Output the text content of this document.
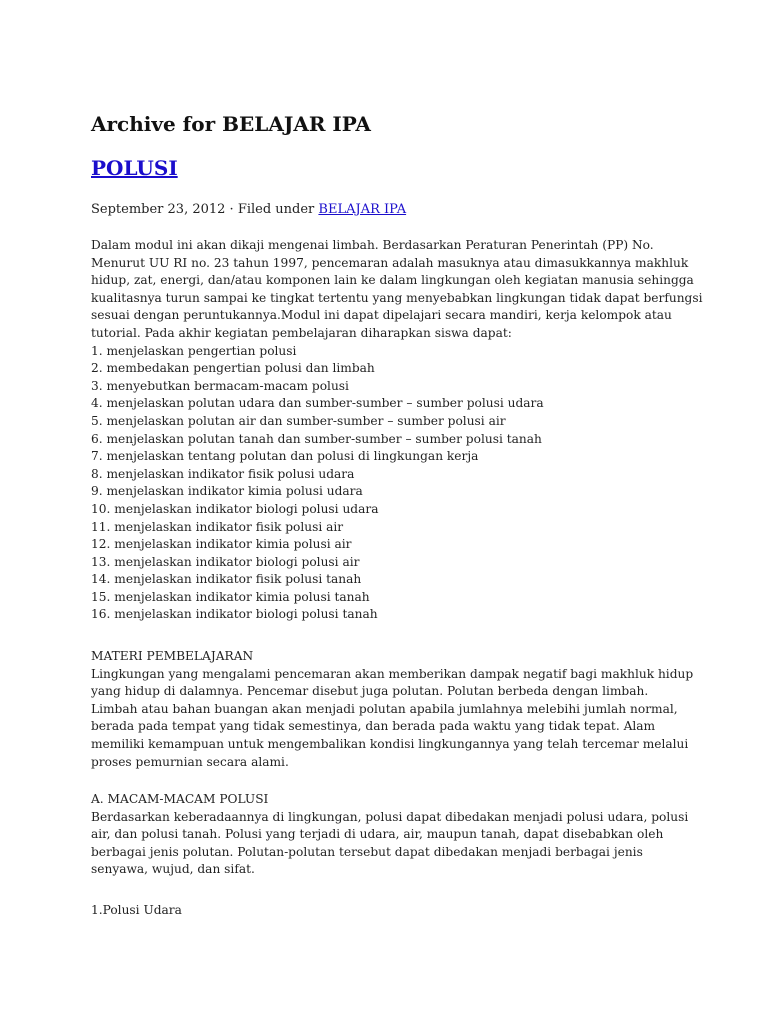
Archive for BELAJAR IPA
POLUSI
September 23, 2012 · Filed under BELAJAR IPA
Dalam modul ini akan dikaji mengenai limbah. Berdasarkan Peraturan Penerintah (PP) No.
Menurut UU RI no. 23 tahun 1997, pencemaran adalah masuknya atau dimasukkannya makhluk
hidup, zat, energi, dan/atau komponen lain ke dalam lingkungan oleh kegiatan manusia sehingga
kualitasnya turun sampai ke tingkat tertentu yang menyebabkan lingkungan tidak dapat berfungsi
sesuai dengan peruntukannya.Modul ini dapat dipelajari secara mandiri, kerja kelompok atau
tutorial. Pada akhir kegiatan pembelajaran diharapkan siswa dapat:
1. menjelaskan pengertian polusi
2. membedakan pengertian polusi dan limbah
3. menyebutkan bermacam-macam polusi
4. menjelaskan polutan udara dan sumber-sumber – sumber polusi udara
5. menjelaskan polutan air dan sumber-sumber – sumber polusi air
6. menjelaskan polutan tanah dan sumber-sumber – sumber polusi tanah
7. menjelaskan tentang polutan dan polusi di lingkungan kerja
8. menjelaskan indikator fisik polusi udara
9. menjelaskan indikator kimia polusi udara
10. menjelaskan indikator biologi polusi udara
11. menjelaskan indikator fisik polusi air
12. menjelaskan indikator kimia polusi air
13. menjelaskan indikator biologi polusi air
14. menjelaskan indikator fisik polusi tanah
15. menjelaskan indikator kimia polusi tanah
16. menjelaskan indikator biologi polusi tanah
MATERI PEMBELAJARAN
Lingkungan yang mengalami pencemaran akan memberikan dampak negatif bagi makhluk hidup
yang hidup di dalamnya. Pencemar disebut juga polutan. Polutan berbeda dengan limbah.
Limbah atau bahan buangan akan menjadi polutan apabila jumlahnya melebihi jumlah normal,
berada pada tempat yang tidak semestinya, dan berada pada waktu yang tidak tepat. Alam
memiliki kemampuan untuk mengembalikan kondisi lingkungannya yang telah tercemar melalui
proses pemurnian secara alami.
A. MACAM-MACAM POLUSI
Berdasarkan keberadaannya di lingkungan, polusi dapat dibedakan menjadi polusi udara, polusi
air, dan polusi tanah. Polusi yang terjadi di udara, air, maupun tanah, dapat disebabkan oleh
berbagai jenis polutan. Polutan-polutan tersebut dapat dibedakan menjadi berbagai jenis
senyawa, wujud, dan sifat.
1.Polusi Udara
